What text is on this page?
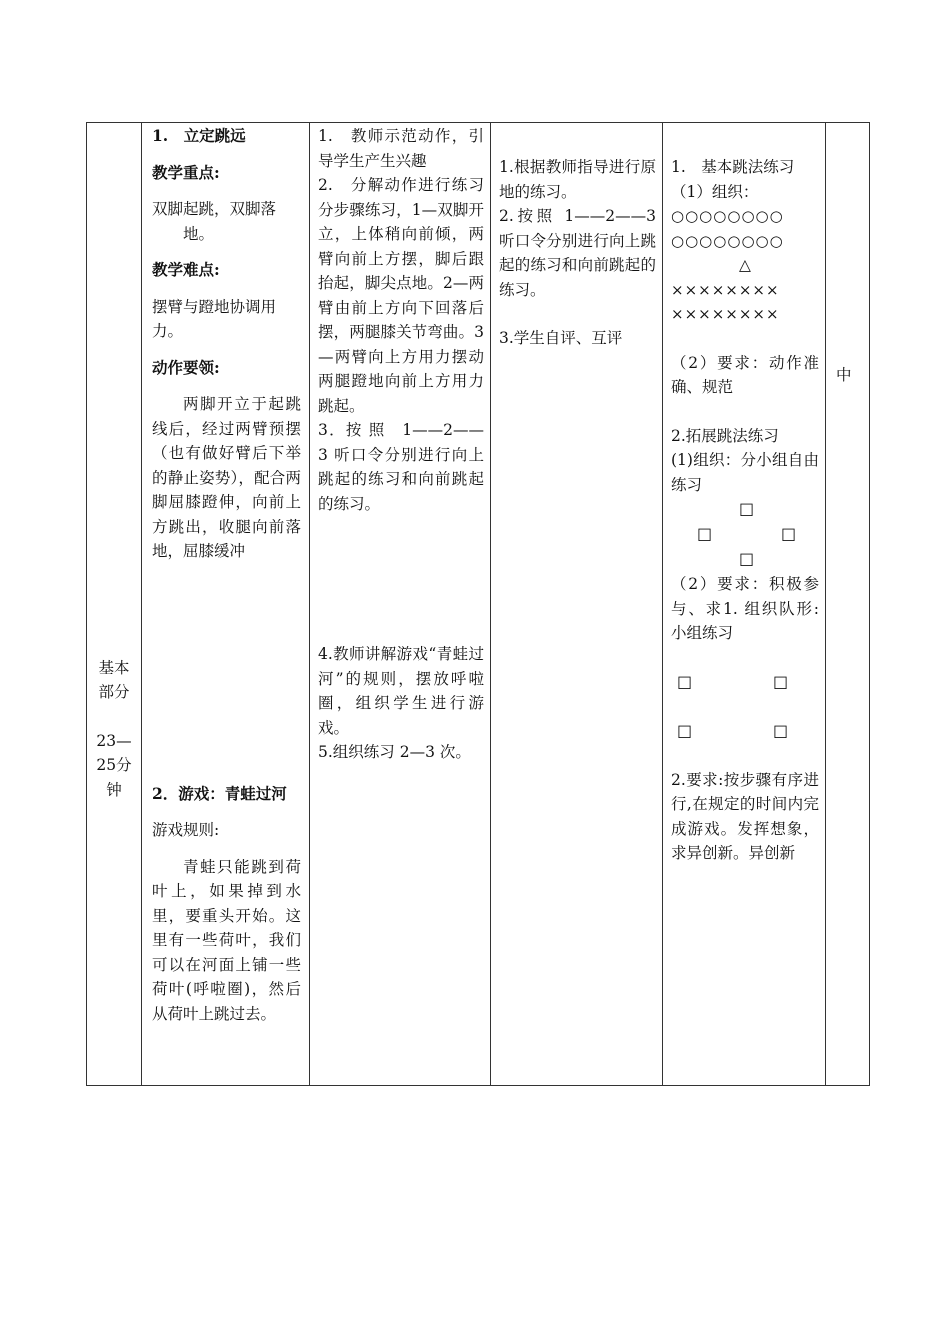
基本
部分
23—
25分
钟

1.　立定跳远
教学重点:
双脚起跳，双脚落
地。
教学难点:
摆臂与蹬地协调用力。
动作要领:
两脚开立于起跳线后，经过两臂预摆（也有做好臂后下举的静止姿势），配合两脚屈膝蹬伸，向前上方跳出，收腿向前落地，屈膝缓冲
2．游戏：青蛙过河
游戏规则:
青蛙只能跳到荷叶上，如果掉到水里，要重头开始。这里有一些荷叶，我们可以在河面上铺一些荷叶(呼啦圈)，然后从荷叶上跳过去。

1.　教师示范动作，引导学生产生兴趣
2.　分解动作进行练习分步骤练习，1—双脚开立，上体稍向前倾，两臂向前上方摆，脚后跟抬起，脚尖点地。2—两臂由前上方向下回落后摆，两腿膝关节弯曲。3—两臂向上方用力摆动两腿蹬地向前上方用力跳起。
3．按 照　1——2——3 听口令分别进行向上跳起的练习和向前跳起的练习。
4.教师讲解游戏“青蛙过河”的规则，摆放呼啦圈，组织学生进行游戏。
5.组织练习 2—3 次。

1.根据教师指导进行原地的练习。
2.按照 1——2——3 听口令分别进行向上跳起的练习和向前跳起的练习。
3.学生自评、互评

1.　基本跳法练习
（1）组织：
○○○○○○○○
○○○○○○○○
△
××××××××
××××××××
（2）要求：动作准确、规范
2.拓展跳法练习
(1)组织：分小组自由练习
□
□	□
□
（2）要求：积极参与、求1. 组织队形: 小组练习
□	□
□	□
2.要求:按步骤有序进行,在规定的时间内完成游戏。发挥想象，求异创新。异创新

中
